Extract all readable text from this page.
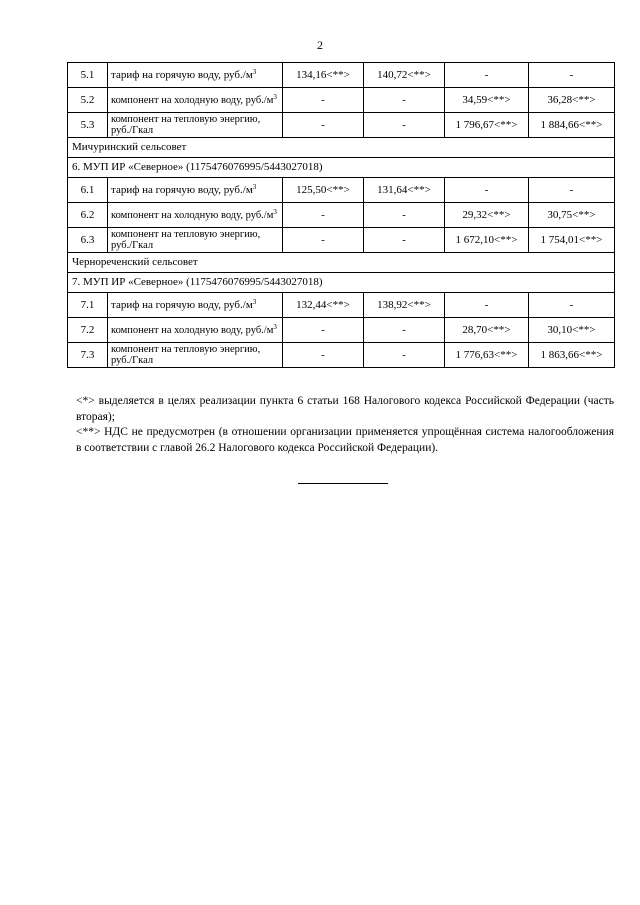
2
5.1	тариф на горячую воду, $руб./м^3$	134,16<**>	140,72<**>	-	-
5.2	компонент на холодную воду, $руб./м^3$	-	-	34,59<**>	36,28<**>
5.3	компонент на тепловую энергию, руб./Гкал	-	-	1 796,67<**>	1 884,66<**>
Мичуринский сельсовет					
6. МУП ИР «Северное» (1175476076995/5443027018)					
6.1	тариф на горячую воду, $руб./м^3$	125,50<**>	131,64<**>	-	-
6.2	компонент на холодную воду, $руб./м^3$	-	-	29,32<**>	30,75<**>
6.3	компонент на тепловую энергию, руб./Гкал	-	-	1 672,10<**>	1 754,01<**>
Чернореченский сельсовет					
7. МУП ИР «Северное» (1175476076995/5443027018)					
7.1	тариф на горячую воду, $руб./м^3$	132,44<**>	138,92<**>	-	-
7.2	компонент на холодную воду, $руб./м^3$	-	-	28,70<**>	30,10<**>
7.3	компонент на тепловую энергию, руб./Гкал	-	-	1 776,63<**>	1 863,66<**>

<*> выделяется в целях реализации пункта 6 статьи 168 Налогового кодекса Российской Федерации (часть вторая);

<**> НДС не предусмотрен (в отношении организации применяется упрощённая система налогообложения в соответствии с главой 26.2 Налогового кодекса Российской Федерации).
